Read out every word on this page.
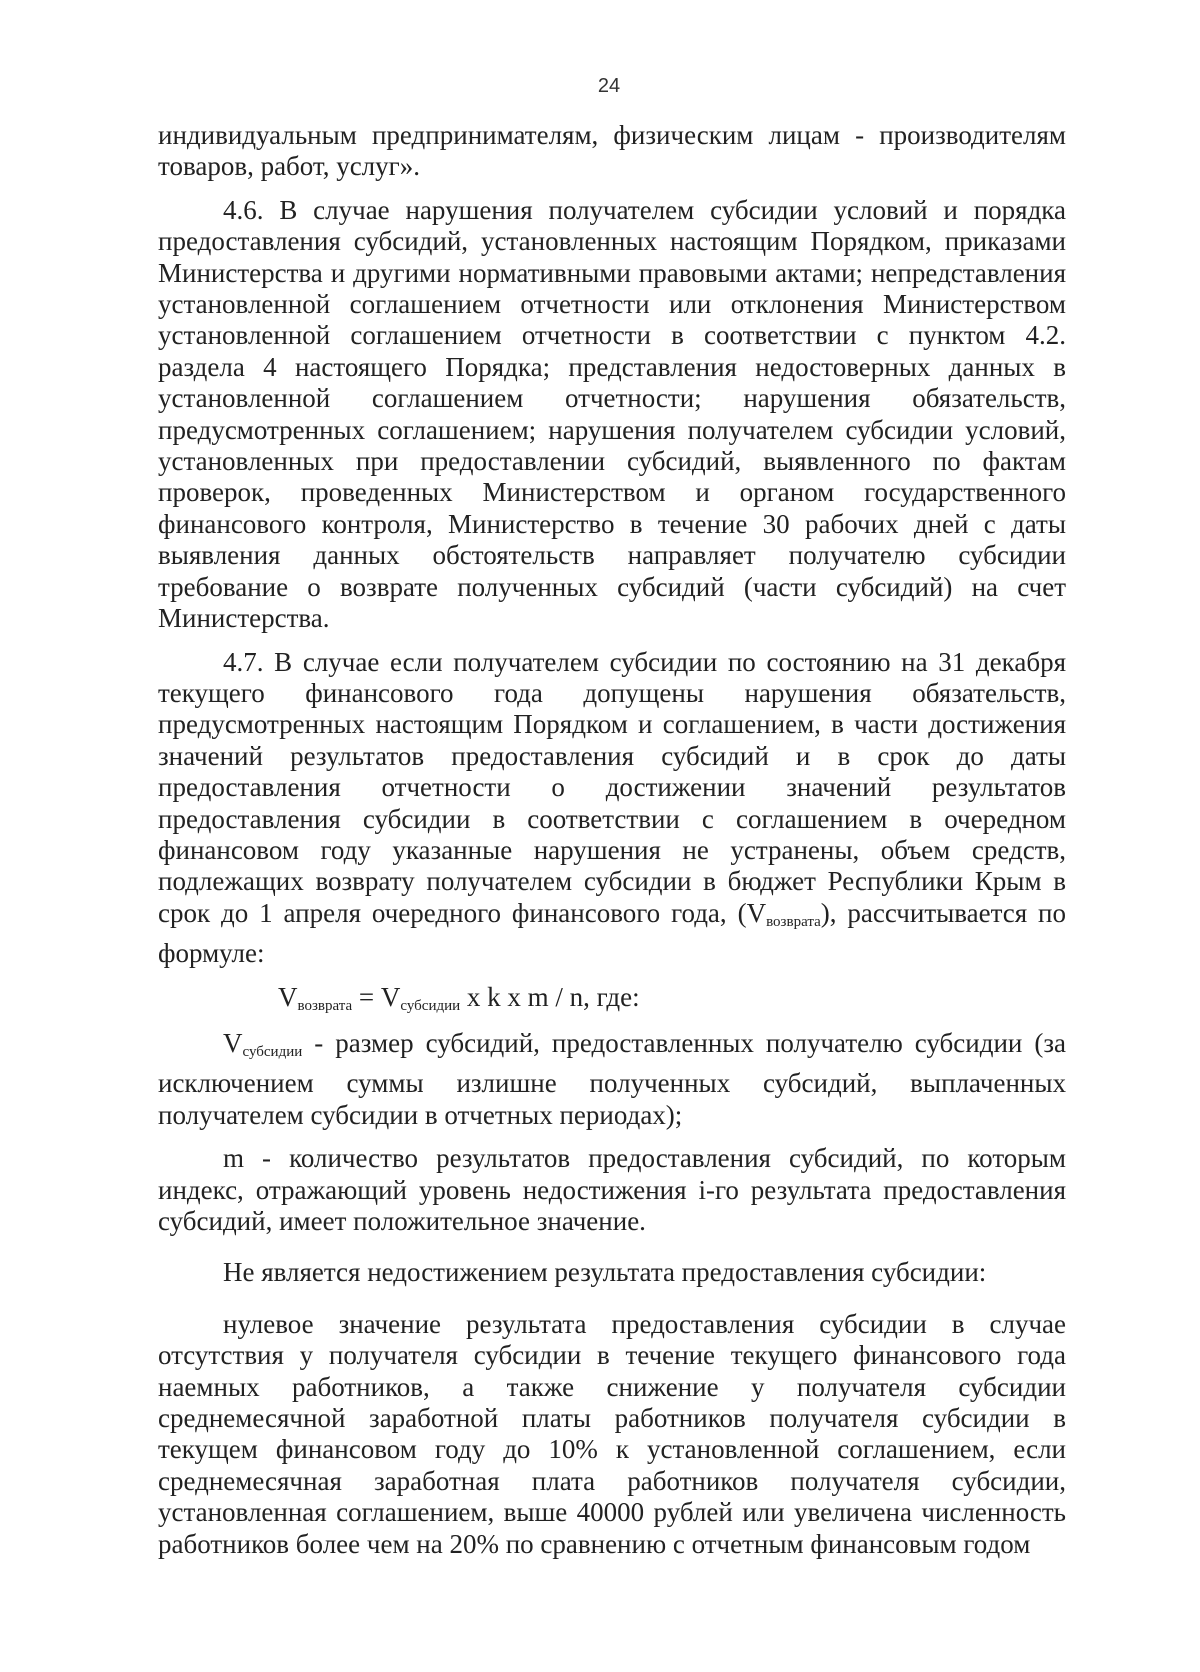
24

индивидуальным предпринимателям, физическим лицам - производителям товаров, работ, услуг».

4.6. В случае нарушения получателем субсидии условий и порядка предоставления субсидий, установленных настоящим Порядком, приказами Министерства и другими нормативными правовыми актами; непредставления установленной соглашением отчетности или отклонения Министерством установленной соглашением отчетности в соответствии с пунктом 4.2. раздела 4 настоящего Порядка; представления недостоверных данных в установленной соглашением отчетности; нарушения обязательств, предусмотренных соглашением; нарушения получателем субсидии условий, установленных при предоставлении субсидий, выявленного по фактам проверок, проведенных Министерством и органом государственного финансового контроля, Министерство в течение 30 рабочих дней с даты выявления данных обстоятельств направляет получателю субсидии требование о возврате полученных субсидий (части субсидий) на счет Министерства.

4.7. В случае если получателем субсидии по состоянию на 31 декабря текущего финансового года допущены нарушения обязательств, предусмотренных настоящим Порядком и соглашением, в части достижения значений результатов предоставления субсидий и в срок до даты предоставления отчетности о достижении значений результатов предоставления субсидии в соответствии с соглашением в очередном финансовом году указанные нарушения не устранены, объем средств, подлежащих возврату получателем субсидии в бюджет Республики Крым в срок до 1 апреля очередного финансового года, $(V_{возврата})$, рассчитывается по формуле:

$V_{возврата} = V_{субсидии}$ x k x m / n, где:

$V_{субсидии}$ - размер субсидий, предоставленных получателю субсидии (за исключением суммы излишне полученных субсидий, выплаченных получателем субсидии в отчетных периодах);

m - количество результатов предоставления субсидий, по которым индекс, отражающий уровень недостижения i-го результата предоставления субсидий, имеет положительное значение.

Не является недостижением результата предоставления субсидии:

нулевое значение результата предоставления субсидии в случае отсутствия у получателя субсидии в течение текущего финансового года наемных работников, а также снижение у получателя субсидии среднемесячной заработной платы работников получателя субсидии в текущем финансовом году до 10% к установленной соглашением, если среднемесячная заработная плата работников получателя субсидии, установленная соглашением, выше 40000 рублей или увеличена численность работников более чем на 20% по сравнению с отчетным финансовым годом
